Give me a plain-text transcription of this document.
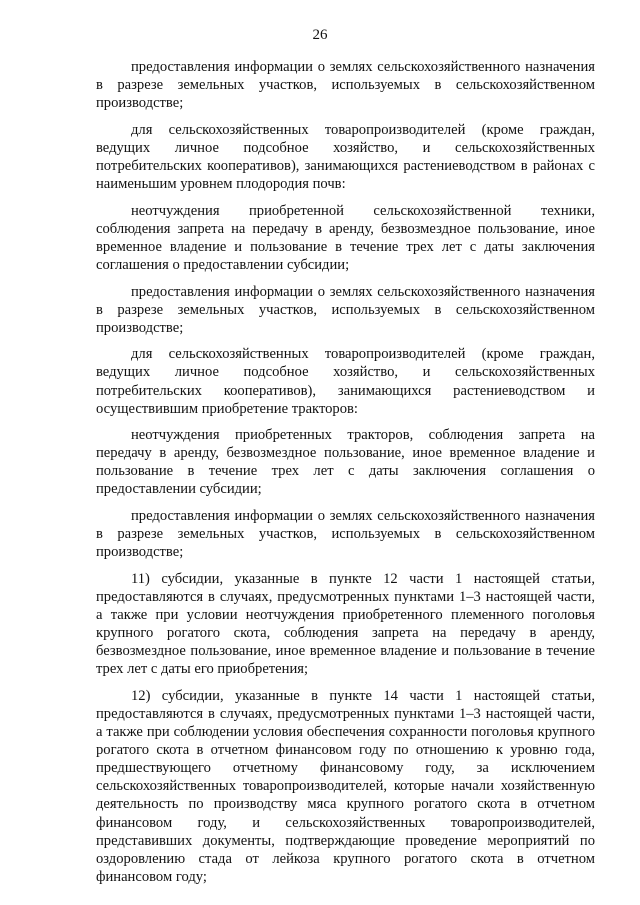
26

предоставления информации о землях сельскохозяйственного назначения в разрезе земельных участков, используемых в сельскохозяйственном производстве;

для сельскохозяйственных товаропроизводителей (кроме граждан, ведущих личное подсобное хозяйство, и сельскохозяйственных потребительских кооперативов), занимающихся растениеводством в районах с наименьшим уровнем плодородия почв:

неотчуждения приобретенной сельскохозяйственной техники, соблюдения запрета на передачу в аренду, безвозмездное пользование, иное временное владение и пользование в течение трех лет с даты заключения соглашения о предоставлении субсидии;

предоставления информации о землях сельскохозяйственного назначения в разрезе земельных участков, используемых в сельскохозяйственном производстве;

для сельскохозяйственных товаропроизводителей (кроме граждан, ведущих личное подсобное хозяйство, и сельскохозяйственных потребительских кооперативов), занимающихся растениеводством и осуществившим приобретение тракторов:

неотчуждения приобретенных тракторов, соблюдения запрета на передачу в аренду, безвозмездное пользование, иное временное владение и пользование в течение трех лет с даты заключения соглашения о предоставлении субсидии;

предоставления информации о землях сельскохозяйственного назначения в разрезе земельных участков, используемых в сельскохозяйственном производстве;

11) субсидии, указанные в пункте 12 части 1 настоящей статьи, предоставляются в случаях, предусмотренных пунктами 1–3 настоящей части, а также при условии неотчуждения приобретенного племенного поголовья крупного рогатого скота, соблюдения запрета на передачу в аренду, безвозмездное пользование, иное временное владение и пользование в течение трех лет с даты его приобретения;

12) субсидии, указанные в пункте 14 части 1 настоящей статьи, предоставляются в случаях, предусмотренных пунктами 1–3 настоящей части, а также при соблюдении условия обеспечения сохранности поголовья крупного рогатого скота в отчетном финансовом году по отношению к уровню года, предшествующего отчетному финансовому году, за исключением сельскохозяйственных товаропроизводителей, которые начали хозяйственную деятельность по производству мяса крупного рогатого скота в отчетном финансовом году, и сельскохозяйственных товаропроизводителей, представивших документы, подтверждающие проведение мероприятий по оздоровлению стада от лейкоза крупного рогатого скота в отчетном финансовом году;
